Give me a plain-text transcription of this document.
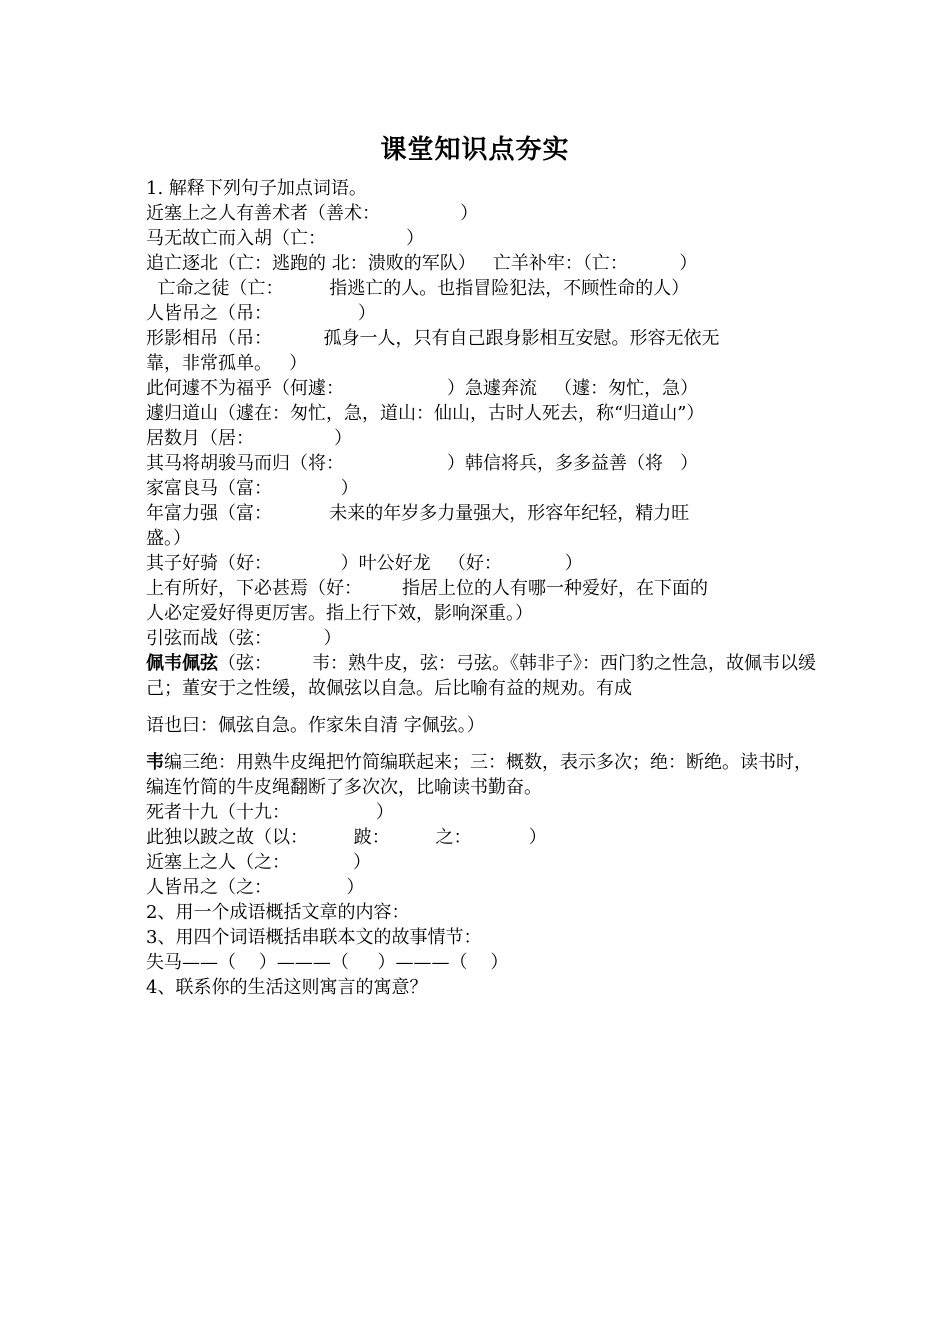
课堂知识点夯实
1. 解释下列句子加点词语。
近塞上之人有善术者（善术：              ）
马无故亡而入胡（亡：              ）
追亡逐北（亡：逃跑的 北：溃败的军队）   亡羊补牢：（亡：         ）
亡命之徒（亡：        指逃亡的人。也指冒险犯法，不顾性命的人）
人皆吊之（吊：               ）
形影相吊（吊：         孤身一人，只有自己跟身影相互安慰。形容无依无
靠，非常孤单。   ）
此何遽不为福乎（何遽：                  ）急遽奔流   （遽：匆忙，急）
遽归道山（遽在：匆忙，急，道山：仙山，古时人死去，称“归道山”）
居数月（居：              ）
其马将胡骏马而归（将：                  ）韩信将兵，多多益善（将   ）
家富良马（富：            ）
年富力强（富：          未来的年岁多力量强大，形容年纪轻，精力旺
盛。）
其子好骑（好：            ）叶公好龙   （好：           ）
上有所好，下必甚焉（好：       指居上位的人有哪一种爱好，在下面的
人必定爱好得更厉害。指上行下效，影响深重。）
引弦而战（弦：         ）
佩韦佩弦（弦：       韦：熟牛皮，弦：弓弦。《韩非子》：西门豹之性急，故佩韦以缓己；董安于之性缓，故佩弦以自急。后比喻有益的规劝。有成
语也曰：佩弦自急。作家朱自清 字佩弦。）
韦编三绝：用熟牛皮绳把竹简编联起来；三：概数，表示多次；绝：断绝。读书时，编连竹简的牛皮绳翻断了多次次，比喻读书勤奋。
死者十九（十九：               ）
此独以跛之故（以：        跛：        之：          ）
近塞上之人（之：           ）
人皆吊之（之：             ）
2、用一个成语概括文章的内容：
3、用四个词语概括串联本文的故事情节：
失马——（    ）———（     ）———（    ）
4、联系你的生活这则寓言的寓意？
